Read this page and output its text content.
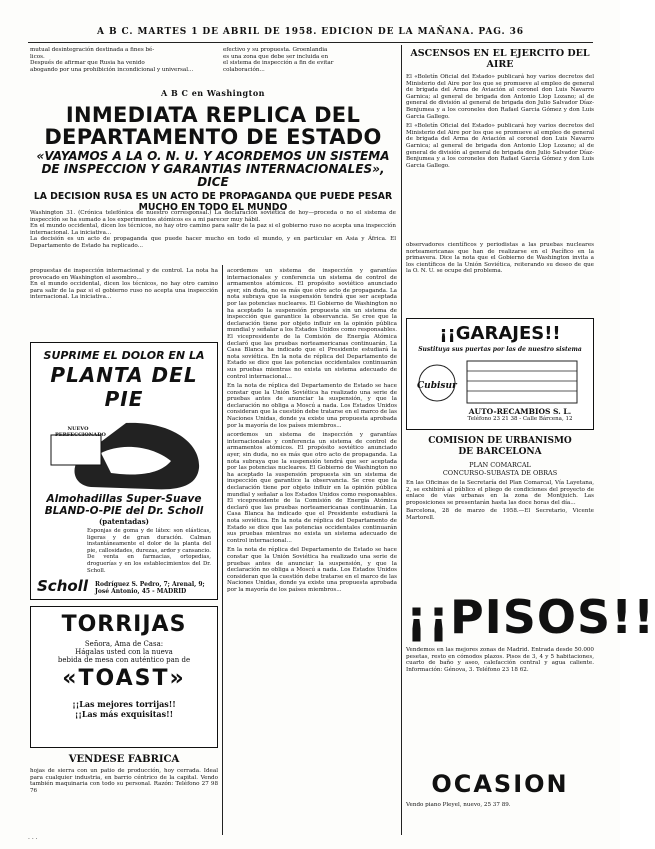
A B C. MARTES 1 DE ABRIL DE 1958. EDICION DE LA MAÑANA. PAG. 36
mutual desintegración destinada a fines bé-
licos.
Después de afirmar que Rusia ha venido
abogando por una prohibición incondicional y universal...
efectivo y su propuesta. Groenlandia
es una zona que debe ser incluida en
el sistema de inspección a fin de evitar
colaboración...
A B C en Washington
INMEDIATA REPLICA DEL
DEPARTAMENTO DE ESTADO
«VAYAMOS A LA O. N. U. Y ACORDEMOS UN SISTEMA DE INSPECCION Y GARANTIAS INTERNACIONALES», DICE
LA DECISION RUSA ES UN ACTO DE PROPAGANDA QUE PUEDE PESAR MUCHO EN TODO EL MUNDO

Washington 31. (Crónica telefónica de nuestro corresponsal.) La declaración soviética de hoy—proceda o no el sistema de inspección se ha sumado a los experimentos atómicos es a mi parecer muy hábil.

En el mundo occidental, dicen los técnicos, no hay otro camino para salir de la paz si el gobierno ruso no acepta una inspección internacional. La iniciativa...

La decisión es un acto de propaganda que puede hacer mucho en todo el mundo, y en particular en Asia y África. El Departamento de Estado ha replicado...

propuestas de inspección internacional y de control. La nota ha provocado en Washington el asombro...

En el mundo occidental, dicen los técnicos, no hay otro camino para salir de la paz si el gobierno ruso no acepta una inspección internacional. La iniciativa...

acordemos un sistema de inspección y garantías internacionales y conferencia un sistema de control de armamentos atómicos. El propósito soviético anunciado ayer, sin duda, no es más que otro acto de propaganda. La nota subraya que la suspensión tendrá que ser aceptada por las potencias nucleares. El Gobierno de Washington no ha aceptado la suspensión propuesta sin un sistema de inspección que garantice la observancia. Se cree que la declaración tiene por objeto influir en la opinión pública mundial y señalar a los Estados Unidos como responsables. El vicepresidente de la Comisión de Energía Atómica declaró que las pruebas norteamericanas continuarán. La Casa Blanca ha indicado que el Presidente estudiará la nota soviética. En la nota de réplica del Departamento de Estado se dice que las potencias occidentales continuarán sus pruebas mientras no exista un sistema adecuado de control internacional...

En la nota de réplica del Departamento de Estado se hace constar que la Unión Soviética ha realizado una serie de pruebas antes de anunciar la suspensión, y que la declaración no obliga a Moscú a nada. Los Estados Unidos consideran que la cuestión debe tratarse en el marco de las Naciones Unidas, donde ya existe una propuesta aprobada por la mayoría de los países miembros...

acordemos un sistema de inspección y garantías internacionales y conferencia un sistema de control de armamentos atómicos. El propósito soviético anunciado ayer, sin duda, no es más que otro acto de propaganda. La nota subraya que la suspensión tendrá que ser aceptada por las potencias nucleares. El Gobierno de Washington no ha aceptado la suspensión propuesta sin un sistema de inspección que garantice la observancia. Se cree que la declaración tiene por objeto influir en la opinión pública mundial y señalar a los Estados Unidos como responsables. El vicepresidente de la Comisión de Energía Atómica declaró que las pruebas norteamericanas continuarán. La Casa Blanca ha indicado que el Presidente estudiará la nota soviética. En la nota de réplica del Departamento de Estado se dice que las potencias occidentales continuarán sus pruebas mientras no exista un sistema adecuado de control internacional...

En la nota de réplica del Departamento de Estado se hace constar que la Unión Soviética ha realizado una serie de pruebas antes de anunciar la suspensión, y que la declaración no obliga a Moscú a nada. Los Estados Unidos consideran que la cuestión debe tratarse en el marco de las Naciones Unidas, donde ya existe una propuesta aprobada por la mayoría de los países miembros...

SUPRIME EL DOLOR EN LA
PLANTA DEL PIE
NUEVO PERFECCIONADO
Almohadillas Super-Suave
BLAND-O-PIE del Dr. Scholl
(patentadas)
Esponjas de goma y de látex: son elásticas, ligeras y de gran duración. Calman instantáneamente el dolor de la planta del pie, callosidades, durezas, ardor y cansancio. De venta en farmacias, ortopedias, droguerías y en los establecimientos del Dr. Scholl.
Scholl Rodríguez S. Pedro, 7; Arenal, 9; José Antonio, 45 - MADRID
TORRIJAS
Señora, Ama de Casa:
Hágalas usted con la nueva
bebida de mesa con auténtico pan de
«TOAST»
¡¡Las mejores torrijas!!
¡¡Las más exquisitas!!
VENDESE FABRICA
hojas de sierra con un patio de producción, hoy cerrada. Ideal para cualquier industria, en barrio céntrico de la capital. Vendo también maquinaria con todo su personal. Razón: Teléfono 27 98 76
ASCENSOS EN EL EJERCITO DEL AIRE
El «Boletín Oficial del Estado» publicará hoy varios decretos del Ministerio del Aire por los que se promueve al empleo de general de brigada del Arma de Aviación al coronel don Luis Navarro Garnica; al general de brigada don Antonio Llop Lozano; al de general de división al general de brigada don Julio Salvador Díaz-Benjumea y a los coroneles don Rafael Garcia Gómez y don Luis Garcia Gallego.
El «Boletín Oficial del Estado» publicará hoy varios decretos del Ministerio del Aire por los que se promueve al empleo de general de brigada del Arma de Aviación al coronel don Luis Navarro Garnica; al general de brigada don Antonio Llop Lozano; al de general de división al general de brigada don Julio Salvador Díaz-Benjumea y a los coroneles don Rafael Garcia Gómez y don Luis Garcia Gallego.

observadores científicos y periodistas a las pruebas nucleares norteamericanas que han de realizarse en el Pacífico en la primavera. Dice la nota que el Gobierno de Washington invita a los científicos de la Unión Soviética, reiterando su deseo de que la O. N. U. se ocupe del problema.

¡¡GARAJES!!
Sustituya sus puertas por las de nuestro sistema
Cubisur
AUTO-RECAMBIOS S. L.
Teléfono 23 21 38 - Calle Bárcena, 12
COMISION DE URBANISMO
DE BARCELONA
PLAN COMARCAL
CONCURSO-SUBASTA DE OBRAS
En las Oficinas de la Secretaría del Plan Comarcal, Vía Layetana, 2, se exhibirá al público el pliego de condiciones del proyecto de enlace de vías urbanas en la zona de Montjuich. Las proposiciones se presentarán hasta las doce horas del día...
Barcelona, 28 de marzo de 1958.—El Secretario, Vicente Martorell.
¡¡PISOS!!
Vendemos en las mejores zonas de Madrid. Entrada desde 50.000 pesetas, resto en cómodos plazos. Pisos de 3, 4 y 5 habitaciones, cuarto de baño y aseo, calefacción central y agua caliente. Información: Génova, 3. Teléfono 23 18 62.
OCASION
Vendo piano Pleyel, nuevo, 25 37 89.
· · ·
